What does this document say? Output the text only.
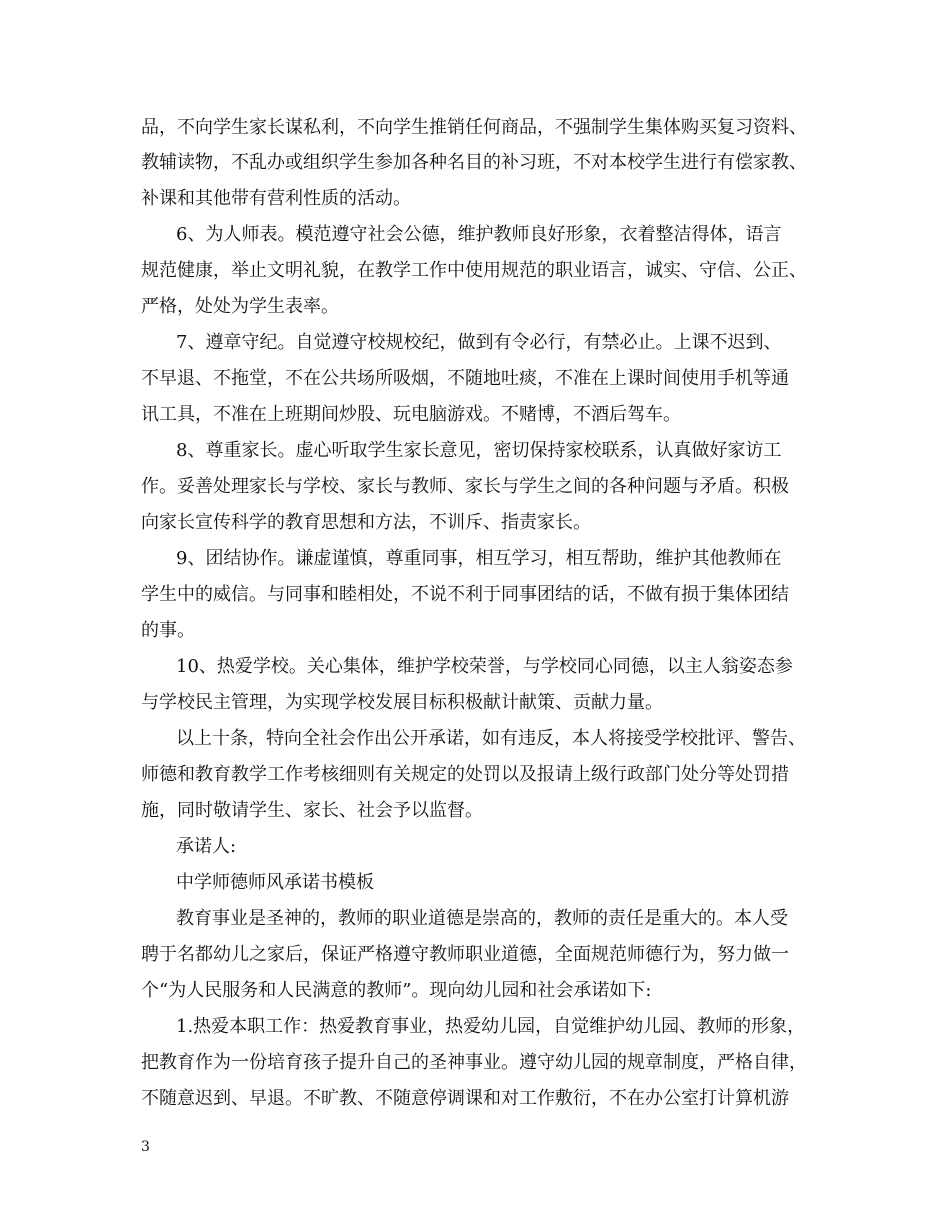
品，不向学生家长谋私利，不向学生推销任何商品，不强制学生集体购买复习资料、
教辅读物，不乱办或组织学生参加各种名目的补习班，不对本校学生进行有偿家教、
补课和其他带有营利性质的活动。
6、为人师表。模范遵守社会公德，维护教师良好形象，衣着整洁得体，语言
规范健康，举止文明礼貌，在教学工作中使用规范的职业语言，诚实、守信、公正、
严格，处处为学生表率。
7、遵章守纪。自觉遵守校规校纪，做到有令必行，有禁必止。上课不迟到、
不早退、不拖堂，不在公共场所吸烟，不随地吐痰，不准在上课时间使用手机等通
讯工具，不准在上班期间炒股、玩电脑游戏。不赌博，不酒后驾车。
8、尊重家长。虚心听取学生家长意见，密切保持家校联系，认真做好家访工
作。妥善处理家长与学校、家长与教师、家长与学生之间的各种问题与矛盾。积极
向家长宣传科学的教育思想和方法，不训斥、指责家长。
9、团结协作。谦虚谨慎，尊重同事，相互学习，相互帮助，维护其他教师在
学生中的威信。与同事和睦相处，不说不利于同事团结的话，不做有损于集体团结
的事。
10、热爱学校。关心集体，维护学校荣誉，与学校同心同德，以主人翁姿态参
与学校民主管理，为实现学校发展目标积极献计献策、贡献力量。
以上十条，特向全社会作出公开承诺，如有违反，本人将接受学校批评、警告、
师德和教育教学工作考核细则有关规定的处罚以及报请上级行政部门处分等处罚措
施，同时敬请学生、家长、社会予以监督。
承诺人:
中学师德师风承诺书模板
教育事业是圣神的，教师的职业道德是崇高的，教师的责任是重大的。本人受
聘于名都幼儿之家后，保证严格遵守教师职业道德，全面规范师德行为，努力做一
个“为人民服务和人民满意的教师”。现向幼儿园和社会承诺如下:
1.热爱本职工作：热爱教育事业，热爱幼儿园，自觉维护幼儿园、教师的形象，
把教育作为一份培育孩子提升自己的圣神事业。遵守幼儿园的规章制度，严格自律，
不随意迟到、早退。不旷教、不随意停调课和对工作敷衍，不在办公室打计算机游
3
